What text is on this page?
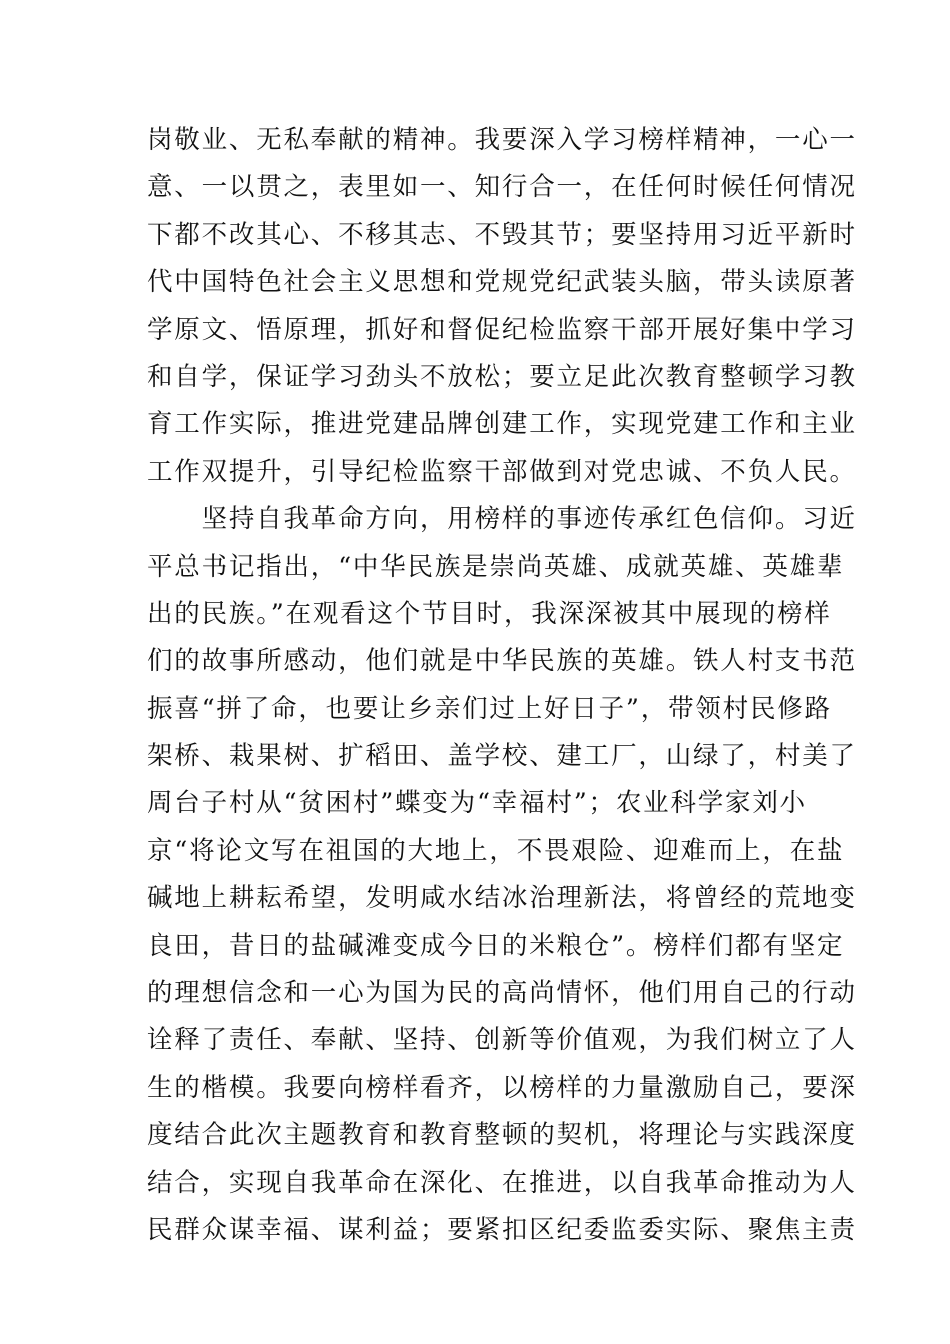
岗敬业、无私奉献的精神。我要深入学习榜样精神，一心一
意、一以贯之，表里如一、知行合一，在任何时候任何情况
下都不改其心、不移其志、不毁其节；要坚持用习近平新时
代中国特色社会主义思想和党规党纪武装头脑，带头读原著
学原文、悟原理，抓好和督促纪检监察干部开展好集中学习
和自学，保证学习劲头不放松；要立足此次教育整顿学习教
育工作实际，推进党建品牌创建工作，实现党建工作和主业
工作双提升，引导纪检监察干部做到对党忠诚、不负人民。
　　坚持自我革命方向，用榜样的事迹传承红色信仰。习近
平总书记指出，“中华民族是崇尚英雄、成就英雄、英雄辈
出的民族。”在观看这个节目时，我深深被其中展现的榜样
们的故事所感动，他们就是中华民族的英雄。铁人村支书范
振喜“拼了命，也要让乡亲们过上好日子”，带领村民修路
架桥、栽果树、扩稻田、盖学校、建工厂，山绿了，村美了
周台子村从“贫困村”蝶变为“幸福村”；农业科学家刘小
京“将论文写在祖国的大地上，不畏艰险、迎难而上，在盐
碱地上耕耘希望，发明咸水结冰治理新法，将曾经的荒地变
良田，昔日的盐碱滩变成今日的米粮仓”。榜样们都有坚定
的理想信念和一心为国为民的高尚情怀，他们用自己的行动
诠释了责任、奉献、坚持、创新等价值观，为我们树立了人
生的楷模。我要向榜样看齐，以榜样的力量激励自己，要深
度结合此次主题教育和教育整顿的契机，将理论与实践深度
结合，实现自我革命在深化、在推进，以自我革命推动为人
民群众谋幸福、谋利益；要紧扣区纪委监委实际、聚焦主责
